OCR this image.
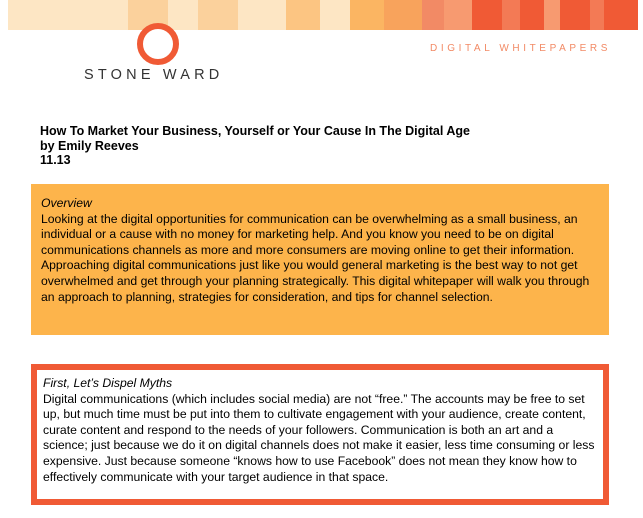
STONE WARD
DIGITAL WHITEPAPERS
How To Market Your Business, Yourself or Your Cause In The Digital Age
by Emily Reeves
11.13
Overview
Looking at the digital opportunities for communication can be overwhelming as a small business, an individual or a cause with no money for marketing help. And you know you need to be on digital communications channels as more and more consumers are moving online to get their information. Approaching digital communications just like you would general marketing is the best way to not get overwhelmed and get through your planning strategically. This digital whitepaper will walk you through an approach to planning, strategies for consideration, and tips for channel selection.
First, Let’s Dispel Myths
Digital communications (which includes social media) are not “free.” The accounts may be free to set up, but much time must be put into them to cultivate engagement with your audience, create content, curate content and respond to the needs of your followers. Communication is both an art and a science; just because we do it on digital channels does not make it easier, less time consuming or less expensive. Just because someone “knows how to use Facebook” does not mean they know how to effectively communicate with your target audience in that space.
